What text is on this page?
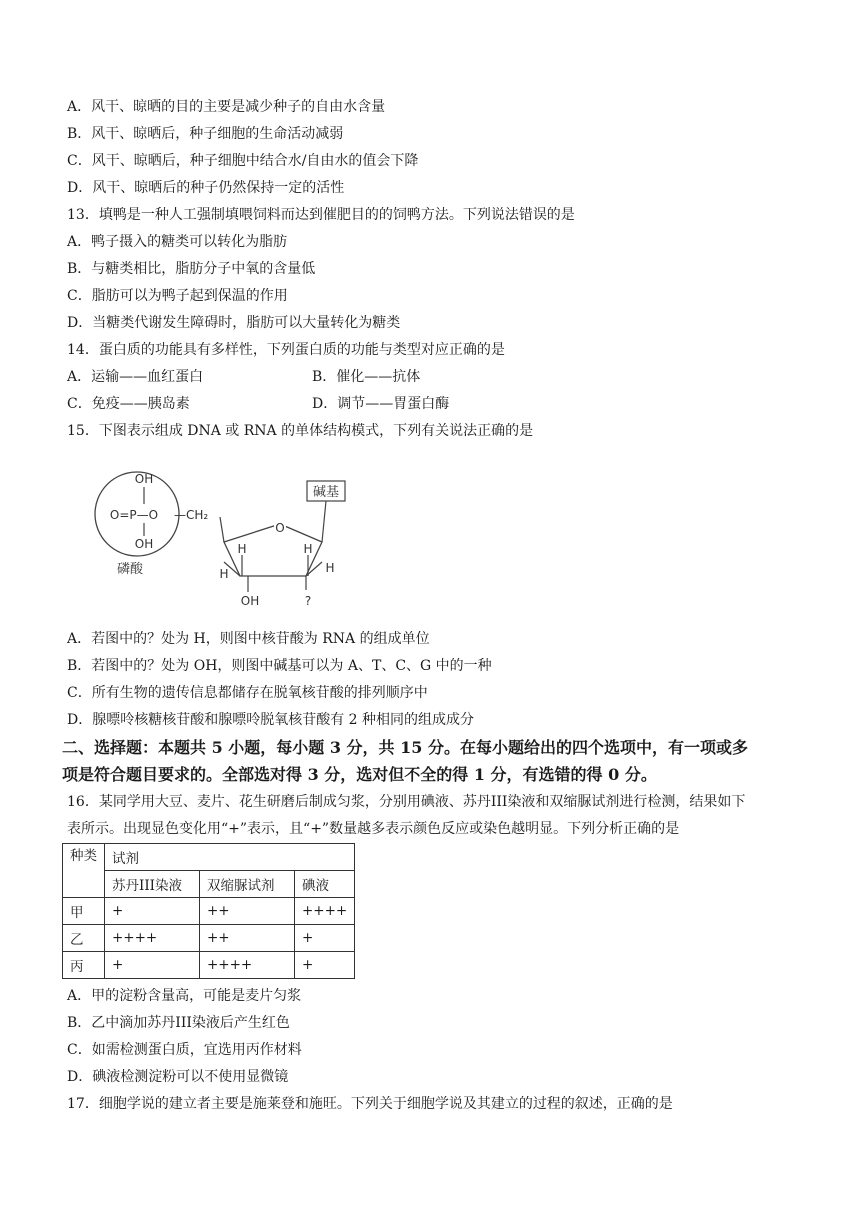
A．风干、晾晒的目的主要是减少种子的自由水含量
B．风干、晾晒后，种子细胞的生命活动减弱
C．风干、晾晒后，种子细胞中结合水/自由水的值会下降
D．风干、晾晒后的种子仍然保持一定的活性
13．填鸭是一种人工强制填喂饲料而达到催肥目的的饲鸭方法。下列说法错误的是
A．鸭子摄入的糖类可以转化为脂肪
B．与糖类相比，脂肪分子中氧的含量低
C．脂肪可以为鸭子起到保温的作用
D．当糖类代谢发生障碍时，脂肪可以大量转化为糖类
14．蛋白质的功能具有多样性，下列蛋白质的功能与类型对应正确的是
A．运输——血红蛋白	B．催化——抗体
C．免疫——胰岛素	D．调节——胃蛋白酶
15．下图表示组成 DNA 或 RNA 的单体结构模式，下列有关说法正确的是
OH
O=P—O
OH
磷酸
—CH₂
O
碱基
H	H
H	H
OH	?
A．若图中的？处为 H，则图中核苷酸为 RNA 的组成单位
B．若图中的？处为 OH，则图中碱基可以为 A、T、C、G 中的一种
C．所有生物的遗传信息都储存在脱氧核苷酸的排列顺序中
D．腺嘌呤核糖核苷酸和腺嘌呤脱氧核苷酸有 2 种相同的组成成分
二、选择题：本题共 5 小题，每小题 3 分，共 15 分。在每小题给出的四个选项中，有一项或多
项是符合题目要求的。全部选对得 3 分，选对但不全的得 1 分，有选错的得 0 分。
16．某同学用大豆、麦片、花生研磨后制成匀浆，分别用碘液、苏丹III染液和双缩脲试剂进行检测，结果如下
表所示。出现显色变化用“+”表示，且“+”数量越多表示颜色反应或染色越明显。下列分析正确的是
种类	试剂		
	苏丹III染液	双缩脲试剂	碘液
甲	+	++	++++
乙	++++	++	+
丙	+	++++	+
A．甲的淀粉含量高，可能是麦片匀浆
B．乙中滴加苏丹III染液后产生红色
C．如需检测蛋白质，宜选用丙作材料
D．碘液检测淀粉可以不使用显微镜
17．细胞学说的建立者主要是施莱登和施旺。下列关于细胞学说及其建立的过程的叙述，正确的是
